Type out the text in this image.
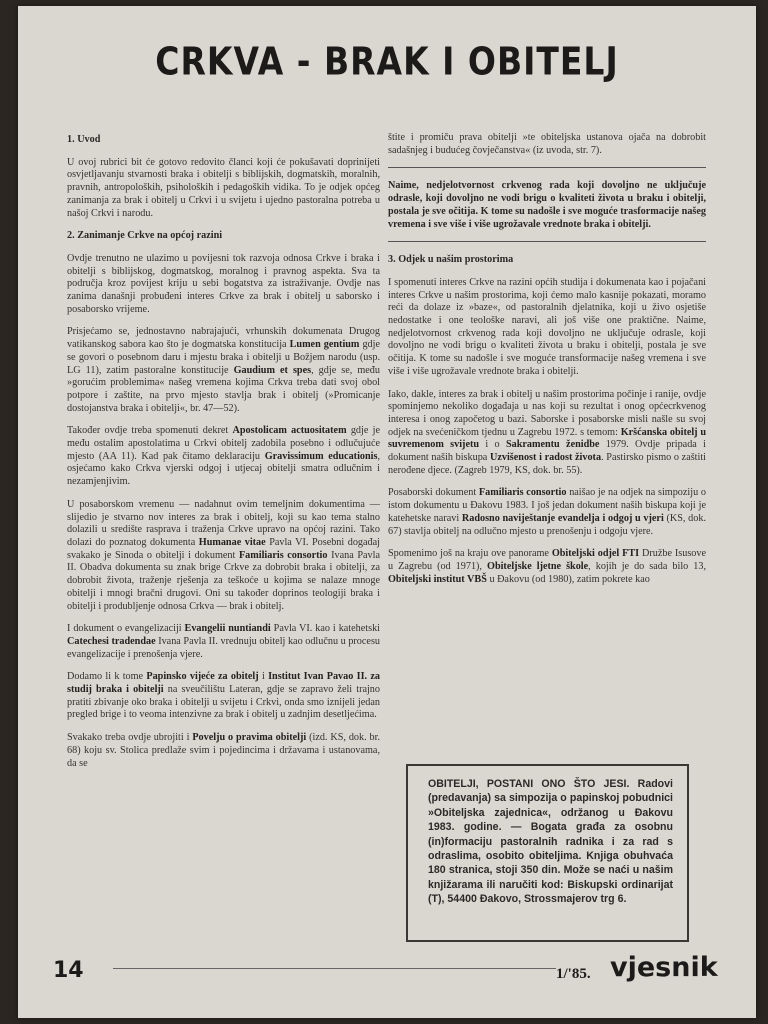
CRKVA - BRAK I OBITELJ
1. Uvod

U ovoj rubrici bit će gotovo redovito članci koji će pokušavati doprinijeti osvjetljavanju stvarnosti braka i obitelji s biblijskih, dogmatskih, moralnih, pravnih, antropoloških, psiholoških i pedagoških vidika. To je odjek općeg zanimanja za brak i obitelj u Crkvi i u svijetu i ujedno pastoralna potreba u našoj Crkvi i narodu.

2. Zanimanje Crkve na općoj razini

Ovdje trenutno ne ulazimo u povijesni tok razvoja odnosa Crkve i braka i obitelji s biblijskog, dogmatskog, moralnog i pravnog aspekta. Sva ta područja kroz povijest kriju u sebi bogatstva za istraživanje. Ovdje nas zanima današnji probuđeni interes Crkve za brak i obitelj u saborsko i posaborsko vrijeme.

Prisjećamo se, jednostavno nabrajajući, vrhunskih dokumenata Drugog vatikanskog sabora kao što je dogmatska konstitucija Lumen gentium gdje se govori o posebnom daru i mjestu braka i obitelji u Božjem narodu (usp. LG 11), zatim pastoralne konstitucije Gaudium et spes, gdje se, među »gorućim problemima« našeg vremena kojima Crkva treba dati svoj obol potpore i zaštite, na prvo mjesto stavlja brak i obitelj (»Promicanje dostojanstva braka i obitelji«, br. 47—52).

Također ovdje treba spomenuti dekret Apostolicam actuositatem gdje je među ostalim apostolatima u Crkvi obitelj zadobila posebno i odlučujuće mjesto (AA 11). Kad pak čitamo deklaraciju Gravissimum educationis, osjećamo kako Crkva vjerski odgoj i utjecaj obitelji smatra odlučnim i nezamjenjivim.

U posaborskom vremenu — nadahnut ovim temeljnim dokumentima — slijedio je stvarno nov interes za brak i obitelj, koji su kao tema stalno dolazili u središte rasprava i traženja Crkve upravo na općoj razini. Tako dolazi do poznatog dokumenta Humanae vitae Pavla VI. Posebni događaj svakako je Sinoda o obitelji i dokument Familiaris consortio Ivana Pavla II. Obadva dokumenta su znak brige Crkve za dobrobit braka i obitelji, za dobrobit života, traženje rješenja za teškoće u kojima se nalaze mnoge obitelji i mnogi bračni drugovi. Oni su također doprinos teologiji braka i obitelji i produbljenje odnosa Crkva — brak i obitelj.

I dokument o evangelizaciji Evangelii nuntiandi Pavla VI. kao i katehetski Catechesi tradendae Ivana Pavla II. vrednuju obitelj kao odlučnu u procesu evangelizacije i prenošenja vjere.

Dodamo li k tome Papinsko vijeće za obitelj i Institut Ivan Pavao II. za studij braka i obitelji na sveučilištu Lateran, gdje se zapravo želi trajno pratiti zbivanje oko braka i obitelji u svijetu i Crkvi, onda smo iznijeli jedan pregled brige i to veoma intenzivne za brak i obitelj u zadnjim desetljećima.

Svakako treba ovdje ubrojiti i Povelju o pravima obitelji (izd. KS, dok. br. 68) koju sv. Stolica predlaže svim i pojedincima i državama i ustanovama, da se

štite i promiču prava obitelji »te obiteljska ustanova ojača na dobrobit sadašnjeg i budućeg čovječanstva« (iz uvoda, str. 7).

Naime, nedjelotvornost crkvenog rada koji dovoljno ne uključuje odrasle, koji dovoljno ne vodi brigu o kvaliteti života u braku i obitelji, postala je sve očitija. K tome su nadošle i sve moguće trasformacije našeg vremena i sve više i više ugrožavale vrednote braka i obitelji.

3. Odjek u našim prostorima

I spomenuti interes Crkve na razini općih studija i dokumenata kao i pojačani interes Crkve u našim prostorima, koji ćemo malo kasnije pokazati, moramo reći da dolaze iz »baze«, od pastoralnih djelatnika, koji u živo osjetiše nedostatke i one teološke naravi, ali još više one praktične. Naime, nedjelotvornost crkvenog rada koji dovoljno ne uključuje odrasle, koji dovoljno ne vodi brigu o kvaliteti života u braku i obitelji, postala je sve očitija. K tome su nadošle i sve moguće transformacije našeg vremena i sve više i više ugrožavale vrednote braka i obitelji.

Iako, dakle, interes za brak i obitelj u našim prostorima počinje i ranije, ovdje spominjemo nekoliko događaja u nas koji su rezultat i onog općecrkvenog interesa i onog započetog u bazi. Saborske i posaborske misli našle su svoj odjek na svećeničkom tjednu u Zagrebu 1972. s temom: Kršćanska obitelj u suvremenom svijetu i o Sakramentu ženidbe 1979. Ovdje pripada i dokument naših biskupa Uzvišenost i radost života. Pastirsko pismo o zaštiti nerođene djece. (Zagreb 1979, KS, dok. br. 55).

Posaborski dokument Familiaris consortio naišao je na odjek na simpoziju o istom dokumentu u Đakovu 1983. I još jedan dokument naših biskupa koji je katehetske naravi Radosno naviještanje evandelja i odgoj u vjeri (KS, dok. 67) stavlja obitelj na odlučno mjesto u prenošenju i odgoju vjere.

Spomenimo još na kraju ove panorame Obiteljski odjel FTI Družbe Isusove u Zagrebu (od 1971), Obiteljske ljetne škole, kojih je do sada bilo 13, Obiteljski institut VBŠ u Đakovu (od 1980), zatim pokrete kao

OBITELJI, POSTANI ONO ŠTO JESI. Radovi (predavanja) sa simpozija o papinskoj pobudnici »Obiteljska zajednica«, održanog u Đakovu 1983. godine. — Bogata građa za osobnu (in)formaciju pastoralnih radnika i za rad s odraslima, osobito obiteljima. Knjiga obuhvaća 180 stranica, stoji 350 din. Može se naći u našim knjižarama ili naručiti kod: Biskupski ordinarijat (T), 54400 Đakovo, Strossmajerov trg 6.
14	1/'85. vjesnik
